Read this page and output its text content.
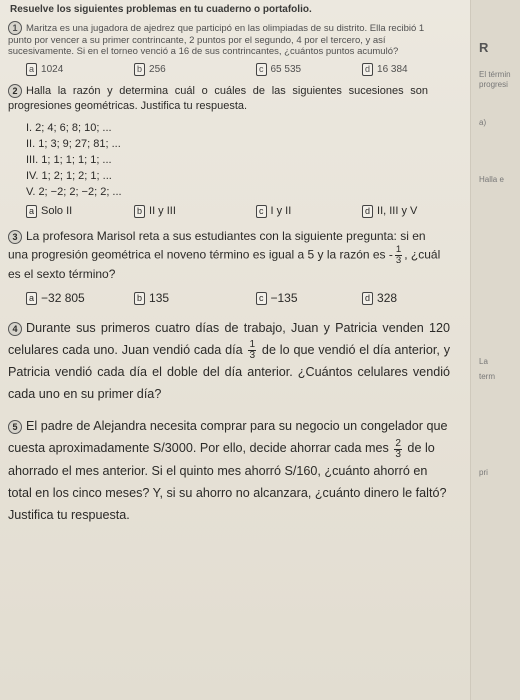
R
El términ
progresi
a)
Halla e
La
term
pri
Resuelve los siguientes problemas en tu cuaderno o portafolio.
1 Maritza es una jugadora de ajedrez que participó en las olimpiadas de su distrito. Ella recibió 1 punto por vencer a su primer contrincante, 2 puntos por el segundo, 4 por el tercero, y así sucesivamente. Si en el torneo venció a 16 de sus contrincantes, ¿cuántos puntos acumuló?
a 1024	b 256	c 65 535	d 16 384
2 Halla la razón y determina cuál o cuáles de las siguientes sucesiones son progresiones geométricas. Justifica tu respuesta.
I. 2; 4; 6; 8; 10; ...
II. 1; 3; 9; 27; 81; ...
III. 1; 1; 1; 1; 1; ...
IV. 1; 2; 1; 2; 1; ...
V. 2; −2; 2; −2; 2; ...
a Solo II	b II y III	c I y II	d II, III y V
3 La profesora Marisol reta a sus estudiantes con la siguiente pregunta: si en una progresión geométrica el noveno término es igual a 5 y la razón es - $\frac{1}{3}$ , ¿cuál es el sexto término?
a −32 805	b 135	c −135	d 328
4 Durante sus primeros cuatro días de trabajo, Juan y Patricia venden 120 celulares cada uno. Juan vendió cada día $\frac{1}{3}$ de lo que vendió el día anterior, y Patricia vendió cada día el doble del día anterior. ¿Cuántos celulares vendió cada uno en su primer día?
5 El padre de Alejandra necesita comprar para su negocio un congelador que cuesta aproximadamente S/3000. Por ello, decide ahorrar cada mes $\frac{2}{3}$ de lo ahorrado el mes anterior. Si el quinto mes ahorró S/160, ¿cuánto ahorró en total en los cinco meses? Y, si su ahorro no alcanzara, ¿cuánto dinero le faltó? Justifica tu respuesta.
